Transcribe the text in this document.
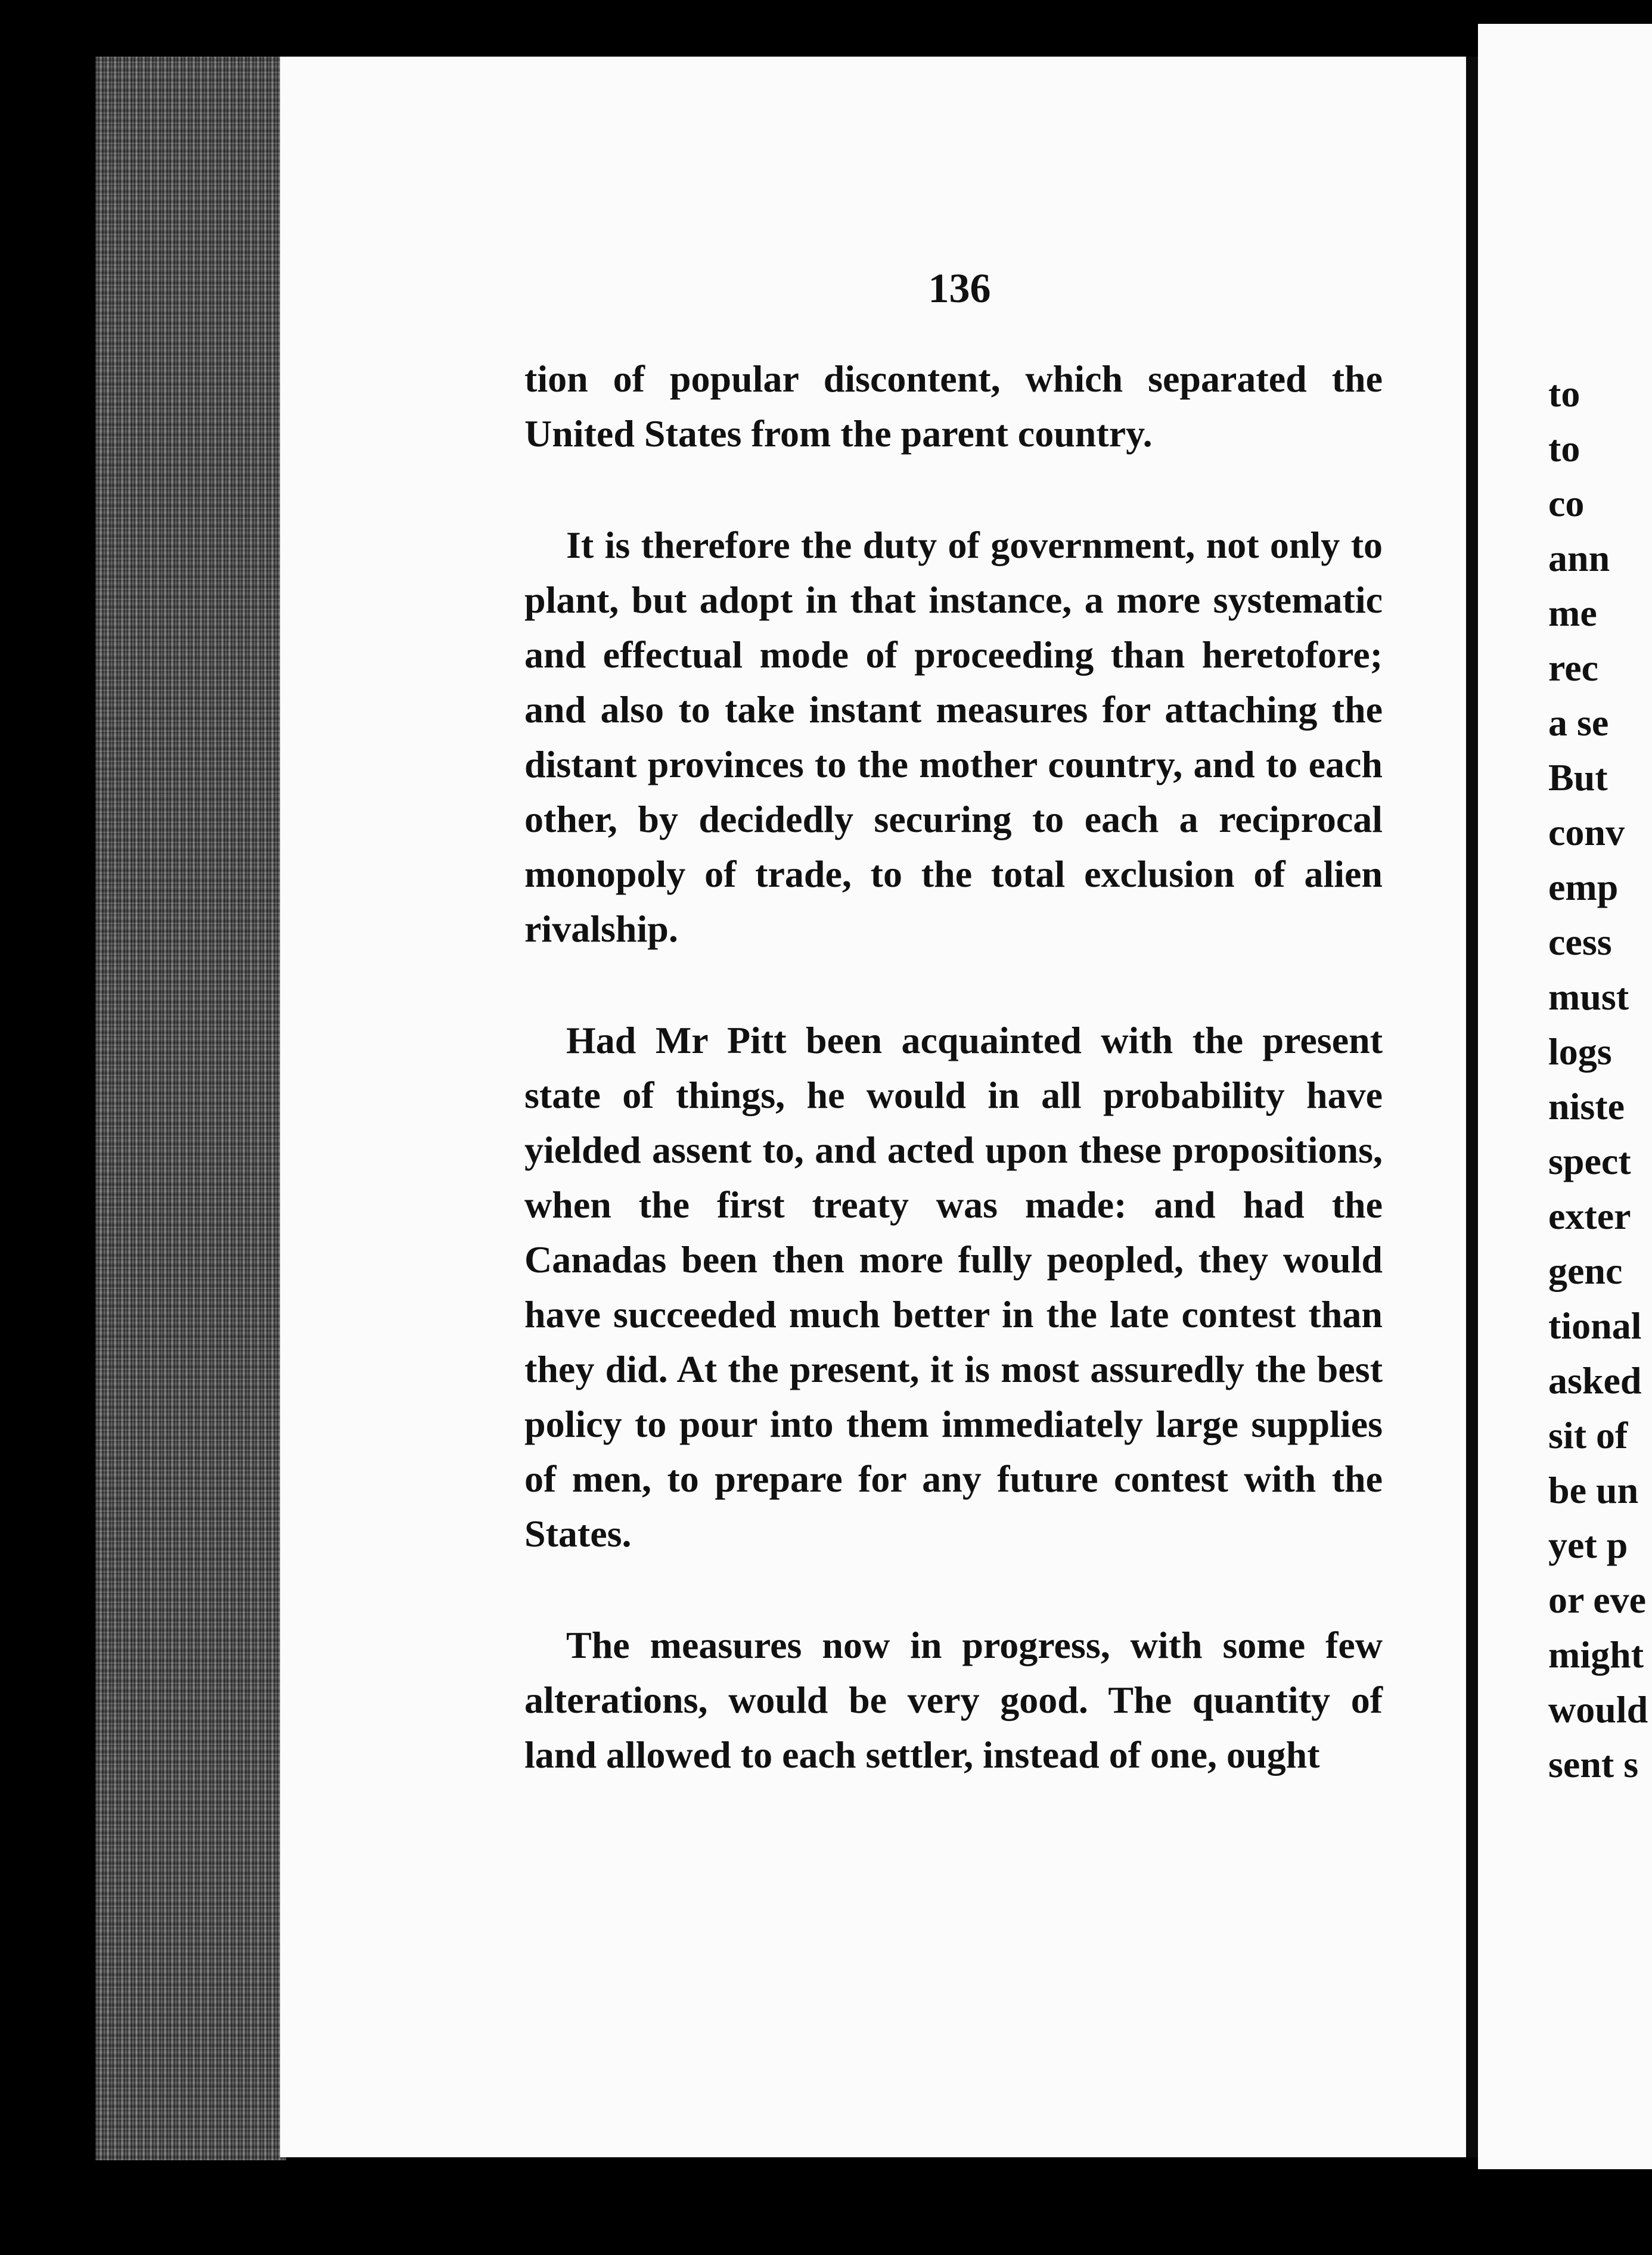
136

tion of popular discontent, which separated the United States from the parent country.

It is therefore the duty of government, not only to plant, but adopt in that instance, a more systematic and effectual mode of proceeding than heretofore; and also to take instant measures for attaching the distant provinces to the mother country, and to each other, by decidedly securing to each a reciprocal monopoly of trade, to the total exclusion of alien rivalship.

Had Mr Pitt been acquainted with the present state of things, he would in all probability have yielded assent to, and acted upon these propositions, when the first treaty was made: and had the Canadas been then more fully peopled, they would have succeeded much better in the late contest than they did. At the present, it is most assuredly the best policy to pour into them immediately large supplies of men, to prepare for any future contest with the States.

The measures now in progress, with some few alterations, would be very good. The quantity of land allowed to each settler, instead of one, ought

to
to
co
ann
me
rec
a se
But
conv
emp
cess
must
logs
niste
spect
exter
genc
tional
asked
sit of
be un
yet p
or eve
might
would
sent s
